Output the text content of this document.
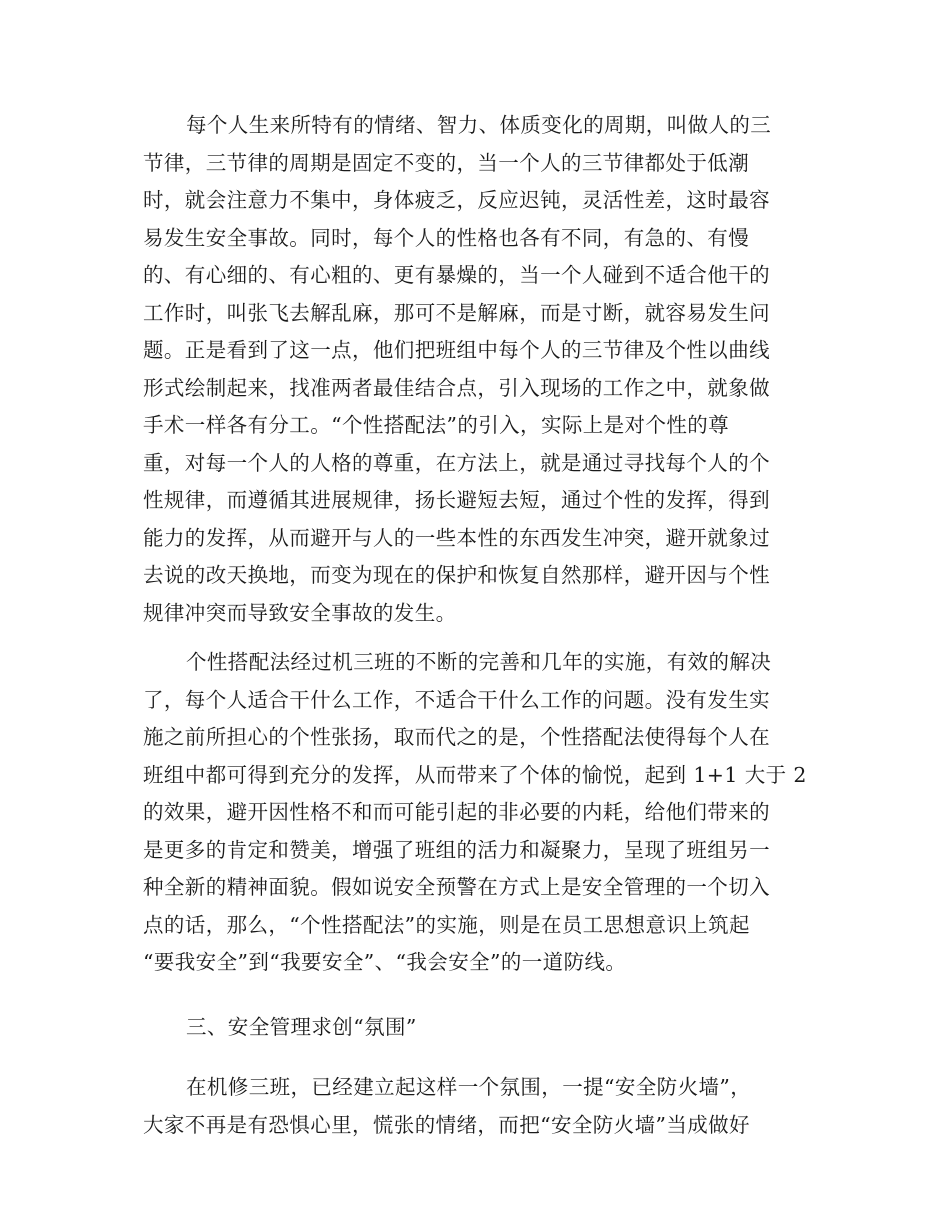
每个人生来所特有的情绪、智力、体质变化的周期，叫做人的三
节律，三节律的周期是固定不变的，当一个人的三节律都处于低潮
时，就会注意力不集中，身体疲乏，反应迟钝，灵活性差，这时最容
易发生安全事故。同时，每个人的性格也各有不同，有急的、有慢
的、有心细的、有心粗的、更有暴燥的，当一个人碰到不适合他干的
工作时，叫张飞去解乱麻，那可不是解麻，而是寸断，就容易发生问
题。正是看到了这一点，他们把班组中每个人的三节律及个性以曲线
形式绘制起来，找准两者最佳结合点，引入现场的工作之中，就象做
手术一样各有分工。“个性搭配法”的引入，实际上是对个性的尊
重，对每一个人的人格的尊重，在方法上，就是通过寻找每个人的个
性规律，而遵循其进展规律，扬长避短去短，通过个性的发挥，得到
能力的发挥，从而避开与人的一些本性的东西发生冲突，避开就象过
去说的改天换地，而变为现在的保护和恢复自然那样，避开因与个性
规律冲突而导致安全事故的发生。
个性搭配法经过机三班的不断的完善和几年的实施，有效的解决
了，每个人适合干什么工作，不适合干什么工作的问题。没有发生实
施之前所担心的个性张扬，取而代之的是，个性搭配法使得每个人在
班组中都可得到充分的发挥，从而带来了个体的愉悦，起到 1+1 大于 2
的效果，避开因性格不和而可能引起的非必要的内耗，给他们带来的
是更多的肯定和赞美，增强了班组的活力和凝聚力，呈现了班组另一
种全新的精神面貌。假如说安全预警在方式上是安全管理的一个切入
点的话，那么，“个性搭配法”的实施，则是在员工思想意识上筑起
“要我安全”到“我要安全”、“我会安全”的一道防线。
三、安全管理求创“氛围”
在机修三班，已经建立起这样一个氛围，一提“安全防火墙”，
大家不再是有恐惧心里，慌张的情绪，而把“安全防火墙”当成做好
